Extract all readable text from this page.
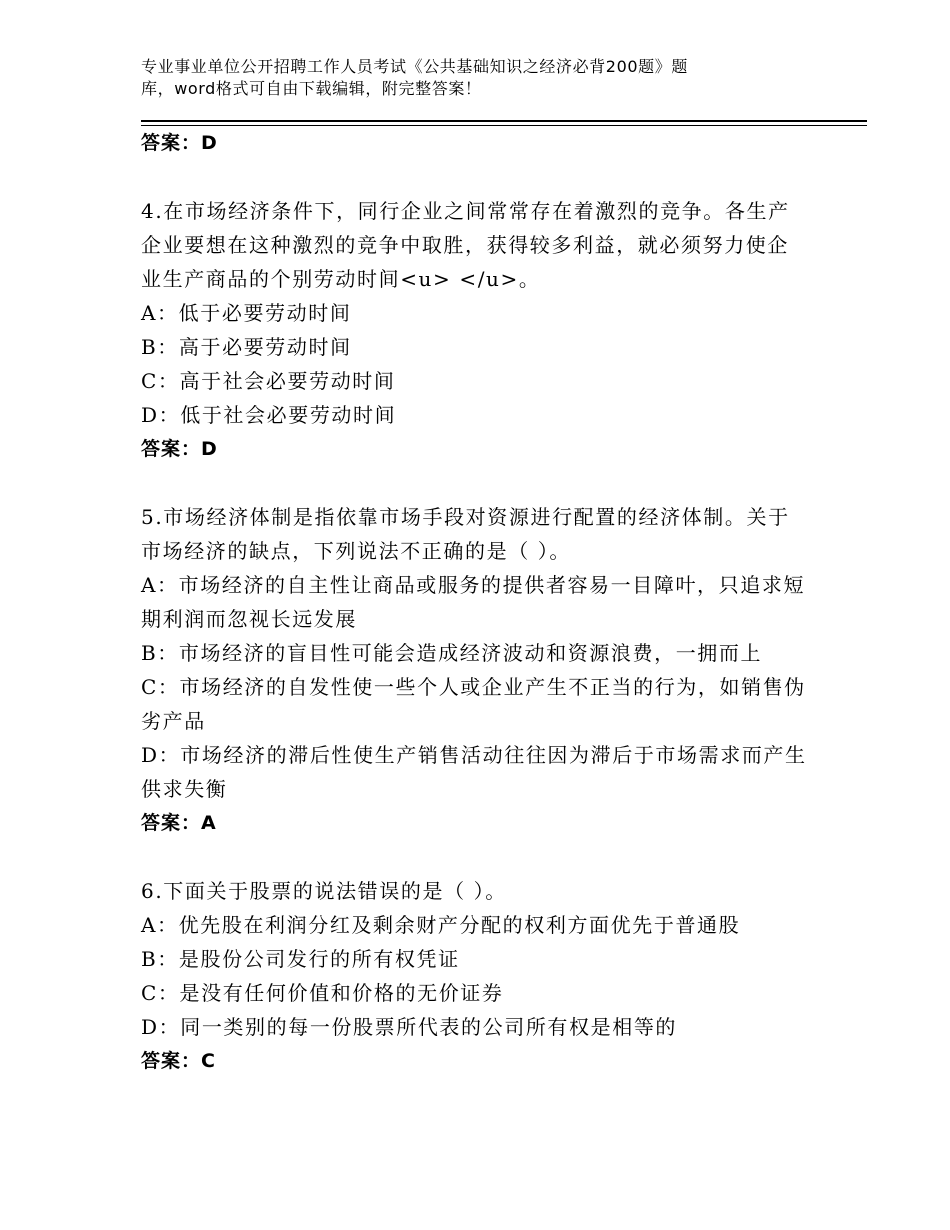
专业事业单位公开招聘工作人员考试《公共基础知识之经济必背200题》题
库，word格式可自由下载编辑，附完整答案！
答案：D
4.在市场经济条件下，同行企业之间常常存在着激烈的竞争。各生产
企业要想在这种激烈的竞争中取胜，获得较多利益，就必须努力使企
业生产商品的个别劳动时间<u> </u>。
A：低于必要劳动时间
B：高于必要劳动时间
C：高于社会必要劳动时间
D：低于社会必要劳动时间
答案：D
5.市场经济体制是指依靠市场手段对资源进行配置的经济体制。关于
市场经济的缺点，下列说法不正确的是（ ）。
A：市场经济的自主性让商品或服务的提供者容易一目障叶，只追求短
期利润而忽视长远发展
B：市场经济的盲目性可能会造成经济波动和资源浪费，一拥而上
C：市场经济的自发性使一些个人或企业产生不正当的行为，如销售伪
劣产品
D：市场经济的滞后性使生产销售活动往往因为滞后于市场需求而产生
供求失衡
答案：A
6.下面关于股票的说法错误的是（ ）。
A：优先股在利润分红及剩余财产分配的权利方面优先于普通股
B：是股份公司发行的所有权凭证
C：是没有任何价值和价格的无价证券
D：同一类别的每一份股票所代表的公司所有权是相等的
答案：C
